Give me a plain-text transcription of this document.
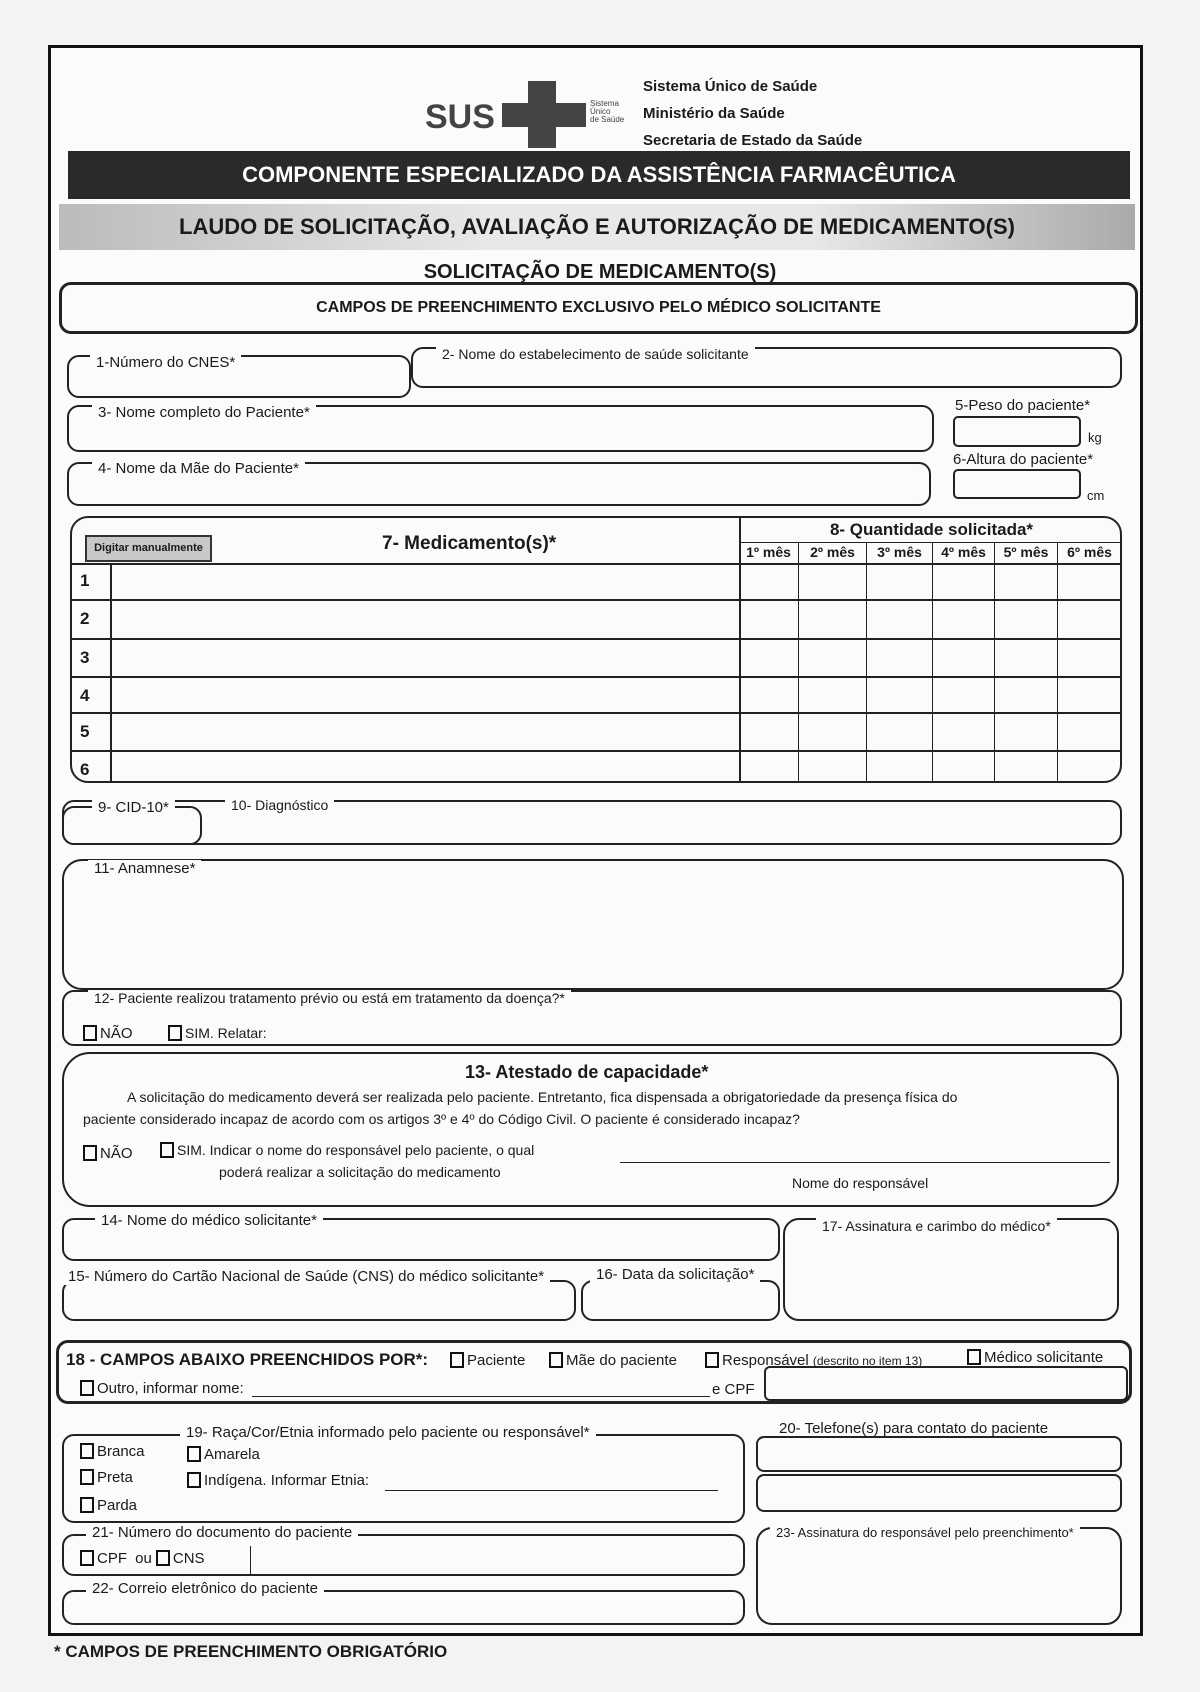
SUS	Sistema
Único
de Saúde
Sistema Único de Saúde
Ministério da Saúde
Secretaria de Estado da Saúde
COMPONENTE ESPECIALIZADO DA ASSISTÊNCIA FARMACÊUTICA
LAUDO DE SOLICITAÇÃO, AVALIAÇÃO E AUTORIZAÇÃO DE MEDICAMENTO(S)
SOLICITAÇÃO DE MEDICAMENTO(S)
CAMPOS DE PREENCHIMENTO EXCLUSIVO PELO MÉDICO SOLICITANTE
1-Número do CNES*	2- Nome do estabelecimento de saúde solicitante
3- Nome completo do Paciente*	5-Peso do paciente*
kg
4- Nome da Mãe do Paciente*
6-Altura do paciente*
cm
Digitar manualmente	7- Medicamento(s)*
8- Quantidade solicitada*
1º mês	2º mês	3º mês	4º mês	5º mês	6º mês
1
2
3
4
5
6
9- CID-10*	10- Diagnóstico
11- Anamnese*
12- Paciente realizou tratamento prévio ou está em tratamento da doença?*
NÃO	SIM. Relatar:
13- Atestado de capacidade*
A solicitação do medicamento deverá ser realizada pelo paciente. Entretanto, fica dispensada a obrigatoriedade da presença física do
paciente considerado incapaz de acordo com os artigos 3º e 4º do Código Civil. O paciente é considerado incapaz?
NÃO	SIM. Indicar o nome do responsável pelo paciente, o qual
poderá realizar a solicitação do medicamento
Nome do responsável
14- Nome do médico solicitante*	17- Assinatura e carimbo do médico*
15- Número do Cartão Nacional de Saúde (CNS) do médico solicitante*	16- Data da solicitação*
18 - CAMPOS ABAIXO PREENCHIDOS POR*:	Paciente	Mãe do paciente	Responsável (descrito no item 13)	Médico solicitante
Outro, informar nome:	e CPF
19- Raça/Cor/Etnia informado pelo paciente ou responsável*
Branca
Preta
Parda
Amarela
Indígena. Informar Etnia:
20- Telefone(s) para contato do paciente
21- Número do documento do paciente
CPF ou CNS
22- Correio eletrônico do paciente
23- Assinatura do responsável pelo preenchimento*
* CAMPOS DE PREENCHIMENTO OBRIGATÓRIO
